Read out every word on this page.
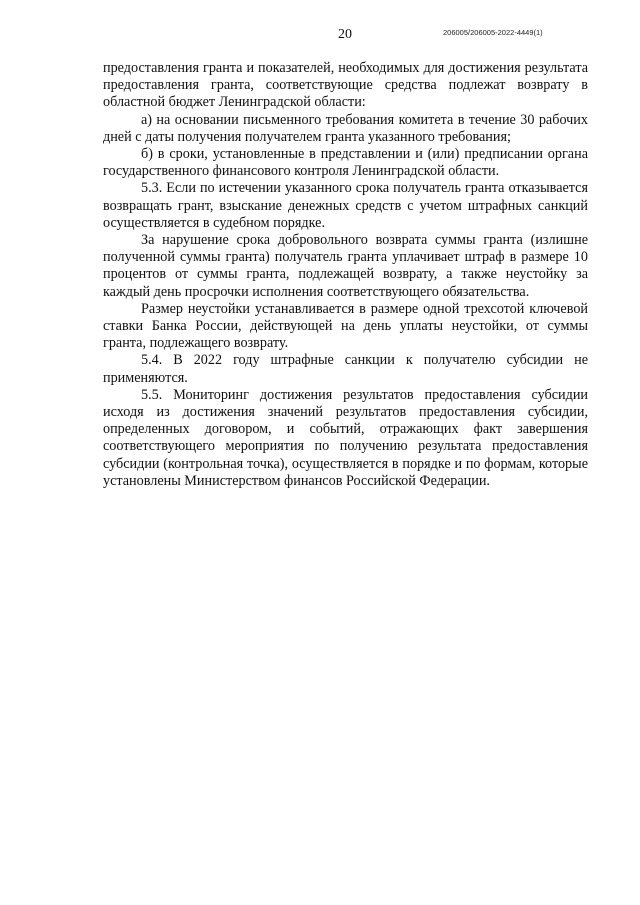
20	206005/206005-2022-4449(1)

предоставления гранта и показателей, необходимых для достижения результата предоставления гранта, соответствующие средства подлежат возврату в областной бюджет Ленинградской области:

а) на основании письменного требования комитета в течение 30 рабочих дней с даты получения получателем гранта указанного требования;

б) в сроки, установленные в представлении и (или) предписании органа государственного финансового контроля Ленинградской области.

5.3. Если по истечении указанного срока получатель гранта отказывается возвращать грант, взыскание денежных средств с учетом штрафных санкций осуществляется в судебном порядке.

За нарушение срока добровольного возврата суммы гранта (излишне полученной суммы гранта) получатель гранта уплачивает штраф в размере 10 процентов от суммы гранта, подлежащей возврату, а также неустойку за каждый день просрочки исполнения соответствующего обязательства.

Размер неустойки устанавливается в размере одной трехсотой ключевой ставки Банка России, действующей на день уплаты неустойки, от суммы гранта, подлежащего возврату.

5.4. В 2022 году штрафные санкции к получателю субсидии не применяются.

5.5. Мониторинг достижения результатов предоставления субсидии исходя из достижения значений результатов предоставления субсидии, определенных договором, и событий, отражающих факт завершения соответствующего мероприятия по получению результата предоставления субсидии (контрольная точка), осуществляется в порядке и по формам, которые установлены Министерством финансов Российской Федерации.
